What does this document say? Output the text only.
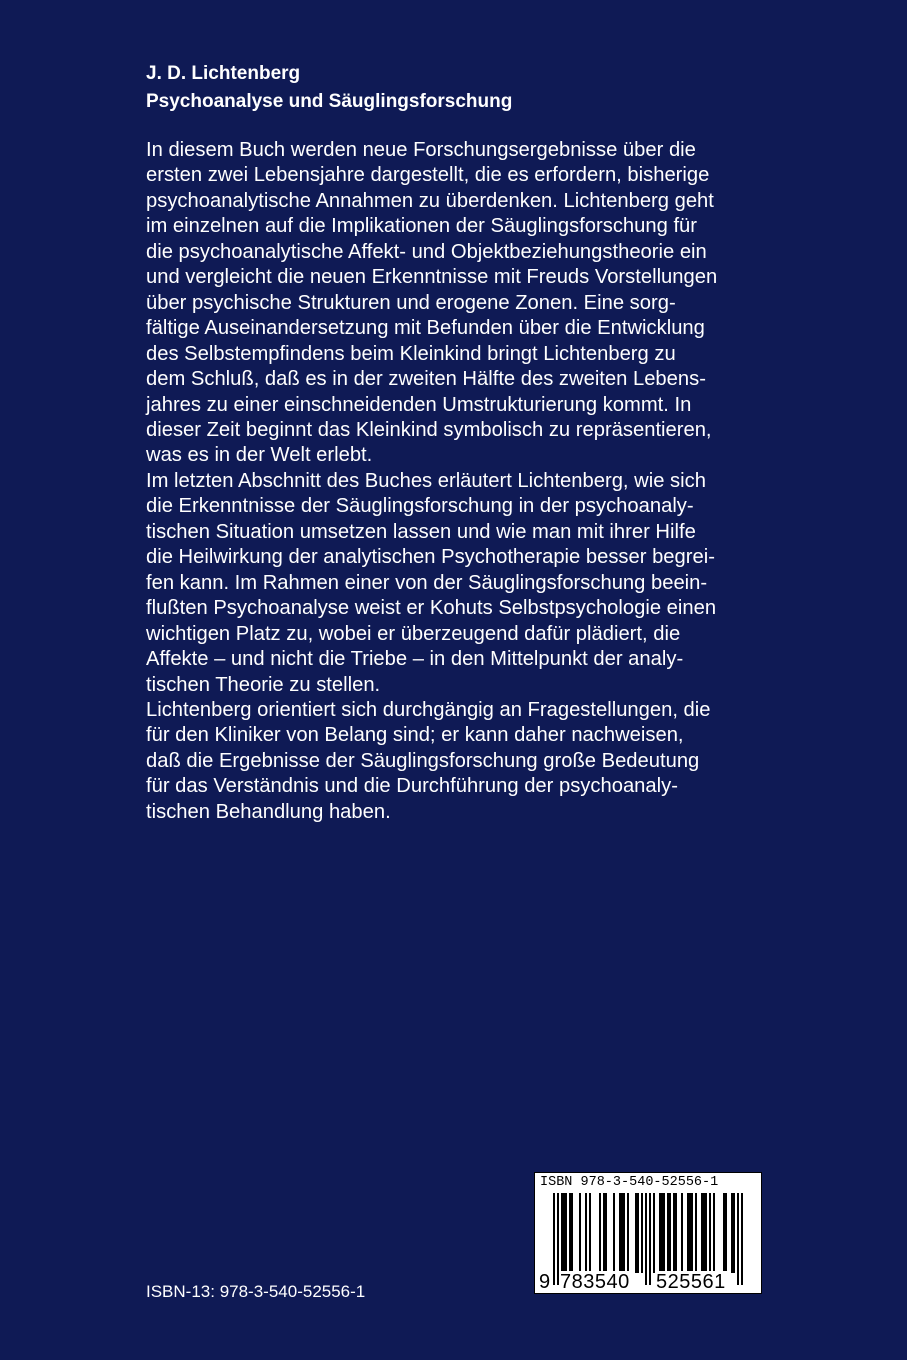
J. D. Lichtenberg
Psychoanalyse und Säuglingsforschung
In diesem Buch werden neue Forschungsergebnisse über die
ersten zwei Lebensjahre dargestellt, die es erfordern, bisherige
psychoanalytische Annahmen zu überdenken. Lichtenberg geht
im einzelnen auf die Implikationen der Säuglingsforschung für
die psychoanalytische Affekt- und Objektbeziehungstheorie ein
und vergleicht die neuen Erkenntnisse mit Freuds Vorstellungen
über psychische Strukturen und erogene Zonen. Eine sorg-
fältige Auseinandersetzung mit Befunden über die Entwicklung
des Selbstempfindens beim Kleinkind bringt Lichtenberg zu
dem Schluß, daß es in der zweiten Hälfte des zweiten Lebens-
jahres zu einer einschneidenden Umstrukturierung kommt. In
dieser Zeit beginnt das Kleinkind symbolisch zu repräsentieren,
was es in der Welt erlebt.
Im letzten Abschnitt des Buches erläutert Lichtenberg, wie sich
die Erkenntnisse der Säuglingsforschung in der psychoanaly-
tischen Situation umsetzen lassen und wie man mit ihrer Hilfe
die Heilwirkung der analytischen Psychotherapie besser begrei-
fen kann. Im Rahmen einer von der Säuglingsforschung beein-
flußten Psychoanalyse weist er Kohuts Selbstpsychologie einen
wichtigen Platz zu, wobei er überzeugend dafür plädiert, die
Affekte – und nicht die Triebe – in den Mittelpunkt der analy-
tischen Theorie zu stellen.
Lichtenberg orientiert sich durchgängig an Fragestellungen, die
für den Kliniker von Belang sind; er kann daher nachweisen,
daß die Ergebnisse der Säuglingsforschung große Bedeutung
für das Verständnis und die Durchführung der psychoanaly-
tischen Behandlung haben.
ISBN 978-3-540-52556-1
9 783540 525561
ISBN-13: 978-3-540-52556-1
